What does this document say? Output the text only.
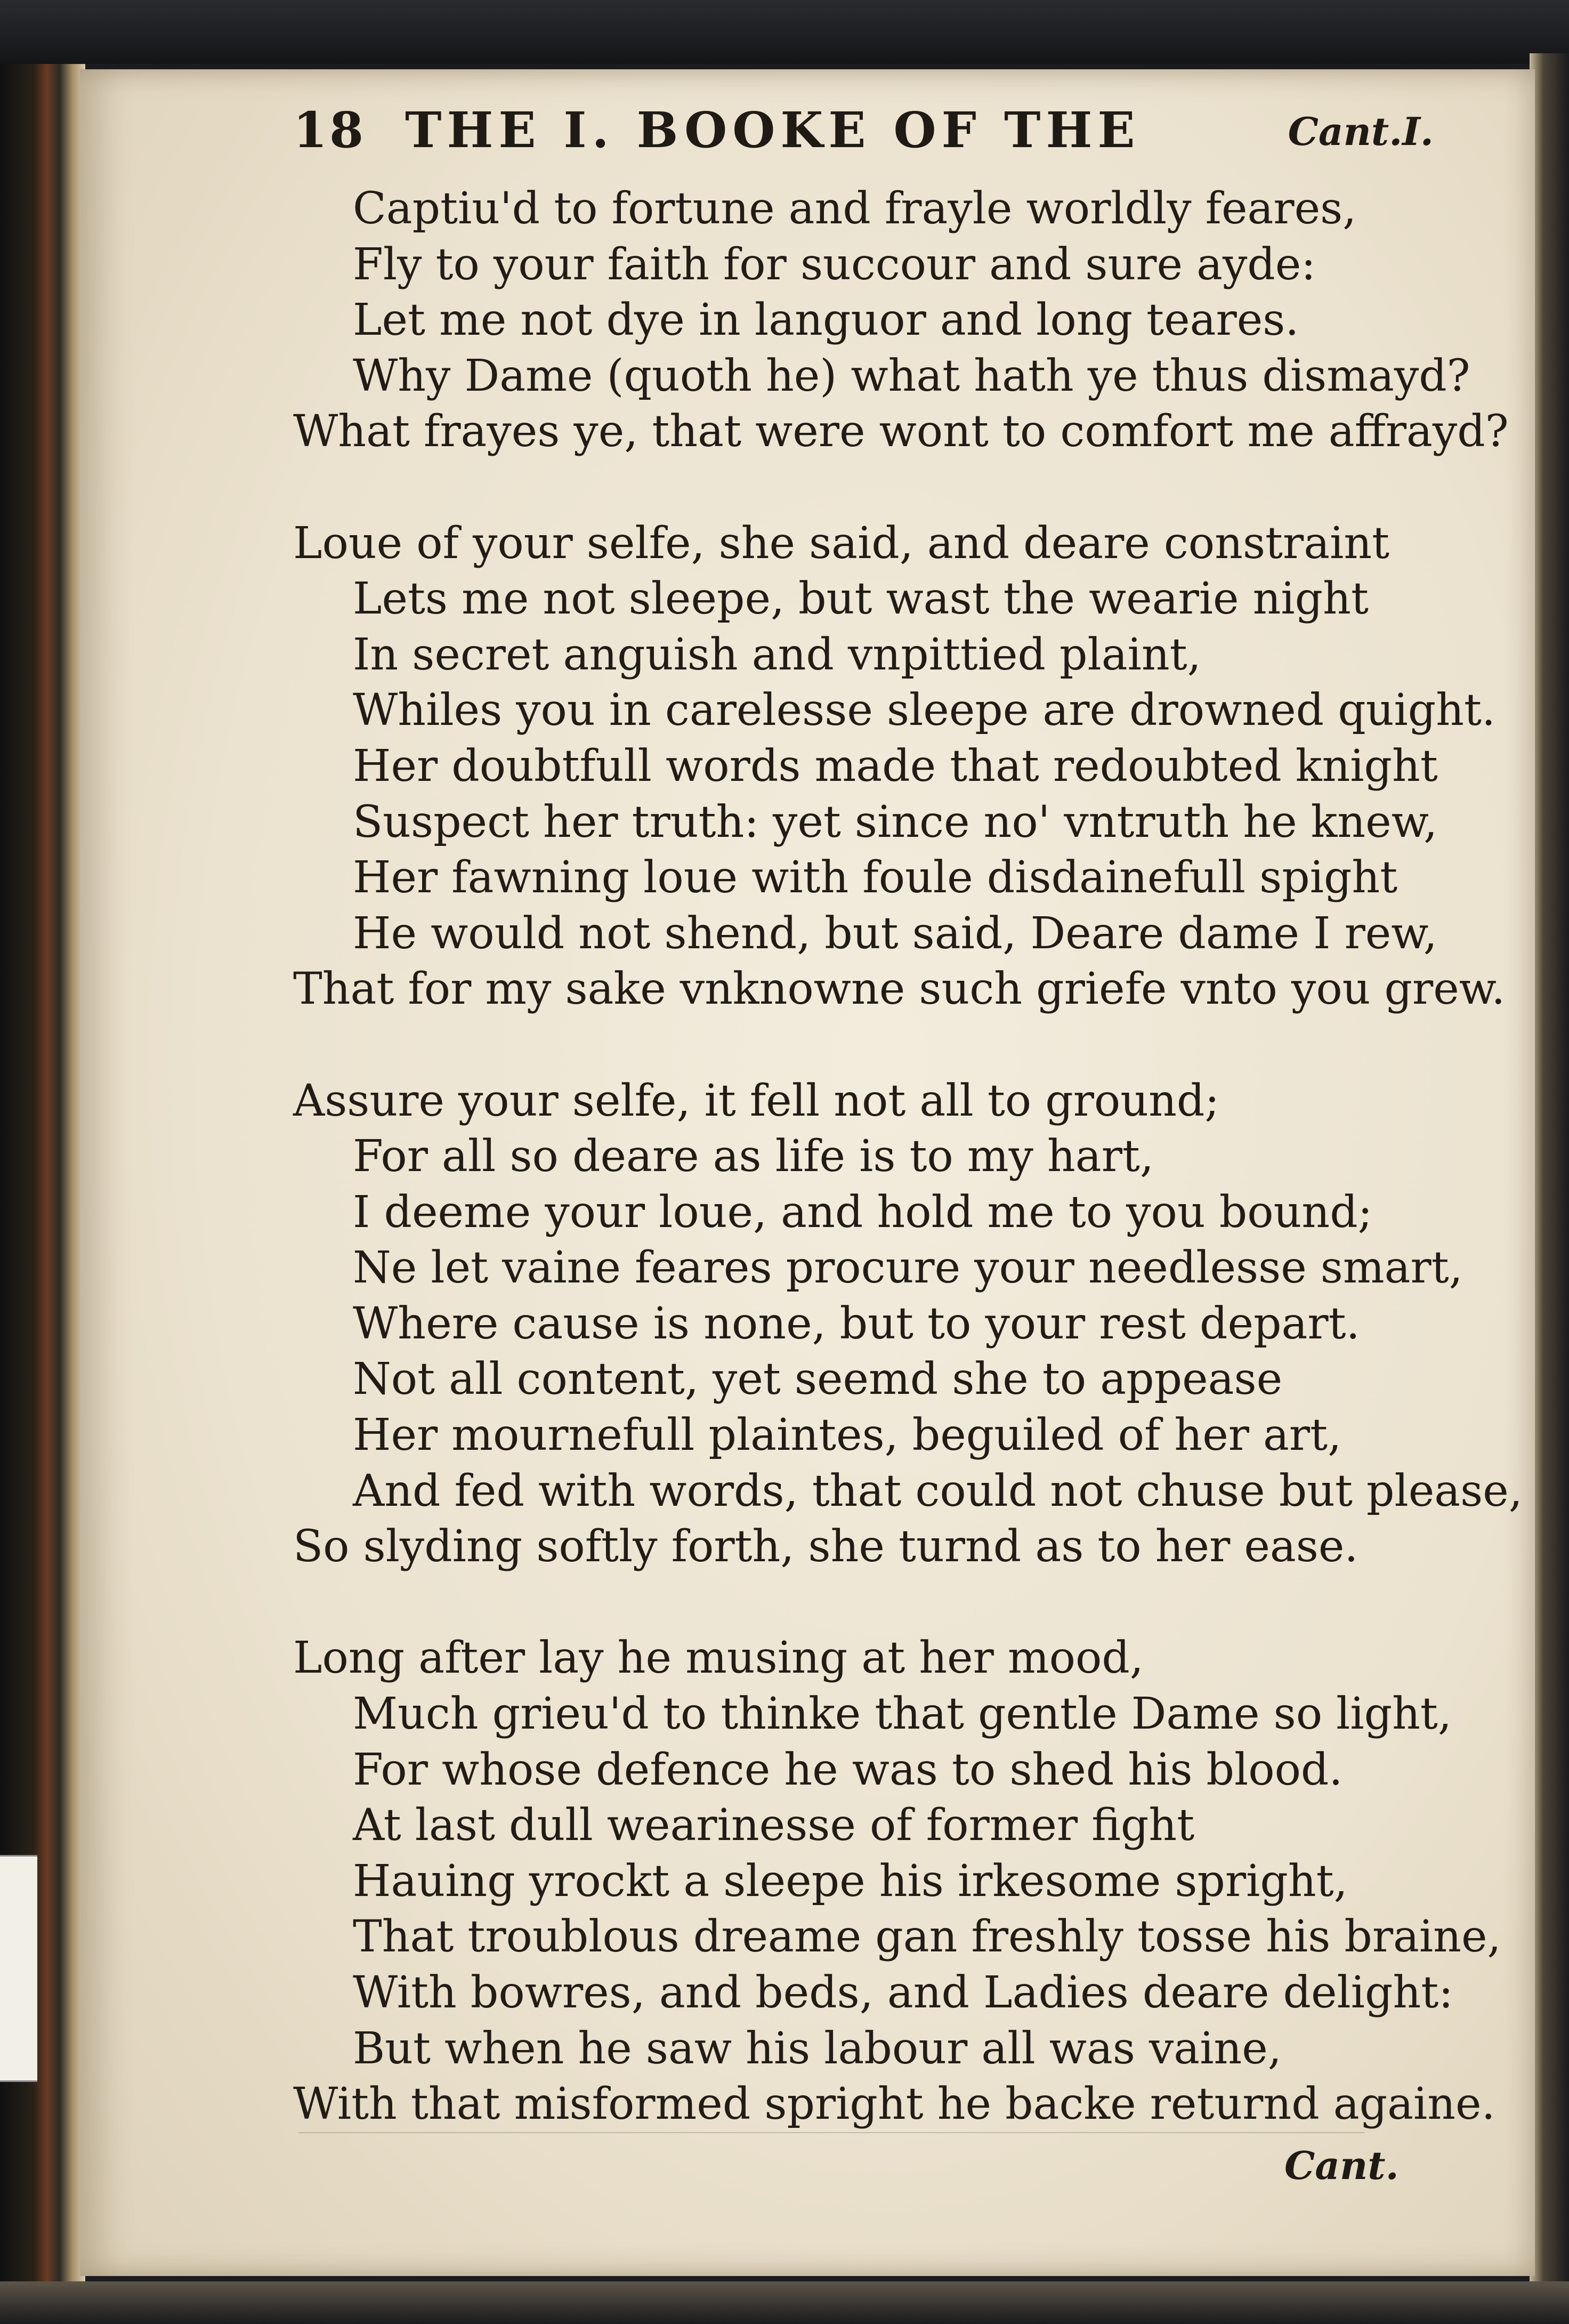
18 THE I. BOOKE OF THE	Cant.I.
Captiu'd to fortune and frayle worldly feares,
Fly to your faith for succour and sure ayde:
Let me not dye in languor and long teares.
Why Dame (quoth he) what hath ye thus dismayd?
What frayes ye, that were wont to comfort me affrayd?
Loue of your selfe, she said, and deare constraint
Lets me not sleepe, but wast the wearie night
In secret anguish and vnpittied plaint,
Whiles you in carelesse sleepe are drowned quight.
Her doubtfull words made that redoubted knight
Suspect her truth: yet since no' vntruth he knew,
Her fawning loue with foule disdainefull spight
He would not shend, but said, Deare dame I rew,
That for my sake vnknowne such griefe vnto you grew.
Assure your selfe, it fell not all to ground;
For all so deare as life is to my hart,
I deeme your loue, and hold me to you bound;
Ne let vaine feares procure your needlesse smart,
Where cause is none, but to your rest depart.
Not all content, yet seemd she to appease
Her mournefull plaintes, beguiled of her art,
And fed with words, that could not chuse but please,
So slyding softly forth, she turnd as to her ease.
Long after lay he musing at her mood,
Much grieu'd to thinke that gentle Dame so light,
For whose defence he was to shed his blood.
At last dull wearinesse of former fight
Hauing yrockt a sleepe his irkesome spright,
That troublous dreame gan freshly tosse his braine,
With bowres, and beds, and Ladies deare delight:
But when he saw his labour all was vaine,
With that misformed spright he backe returnd againe.
Cant.
